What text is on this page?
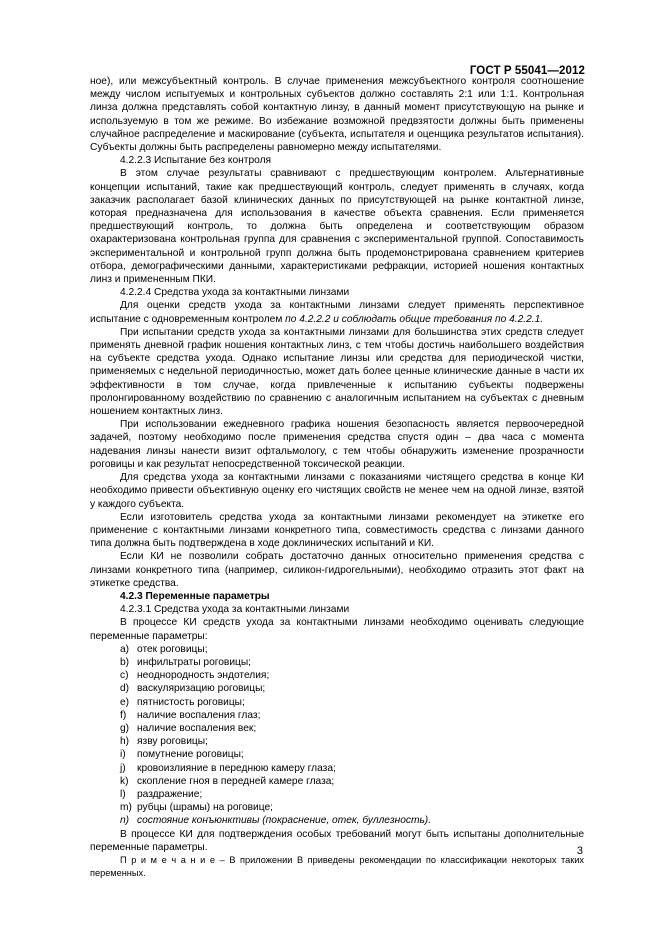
ГОСТ Р 55041—2012

ное), или межсубъектный контроль. В случае применения межсубъектного контроля соотношение между числом испытуемых и контрольных субъектов должно составлять 2:1 или 1:1. Контрольная линза должна представлять собой контактную линзу, в данный момент присутствующую на рынке и используемую в том же режиме. Во избежание возможной предвзятости должны быть применены случайное распределение и маскирование (субъекта, испытателя и оценщика результатов испытания). Субъекты должны быть распределены равномерно между испытателями.

4.2.2.3 Испытание без контроля

В этом случае результаты сравнивают с предшествующим контролем. Альтернативные концепции испытаний, такие как предшествующий контроль, следует применять в случаях, когда заказчик располагает базой клинических данных по присутствующей на рынке контактной линзе, которая предназначена для использования в качестве объекта сравнения. Если применяется предшествующий контроль, то должна быть определена и соответствующим образом охарактеризована контрольная группа для сравнения с экспериментальной группой. Сопоставимость экспериментальной и контрольной групп должна быть продемонстрирована сравнением критериев отбора, демографическими данными, характеристиками рефракции, историей ношения контактных линз и примененным ПКИ.

4.2.2.4 Средства ухода за контактными линзами

Для оценки средств ухода за контактными линзами следует применять перспективное испытание с одновременным контролем по 4.2.2.2 и соблюдать общие требования по 4.2.2.1.

При испытании средств ухода за контактными линзами для большинства этих средств следует применять дневной график ношения контактных линз, с тем чтобы достичь наибольшего воздействия на субъекте средства ухода. Однако испытание линзы или средства для периодической чистки, применяемых с недельной периодичностью, может дать более ценные клинические данные в части их эффективности в том случае, когда привлеченные к испытанию субъекты подвержены пролонгированному воздействию по сравнению с аналогичным испытанием на субъектах с дневным ношением контактных линз.

При использовании ежедневного графика ношения безопасность является первоочередной задачей, поэтому необходимо после применения средства спустя один – два часа с момента надевания линзы нанести визит офтальмологу, с тем чтобы обнаружить изменение прозрачности роговицы и как результат непосредственной токсической реакции.

Для средства ухода за контактными линзами с показаниями чистящего средства в конце КИ необходимо привести объективную оценку его чистящих свойств не менее чем на одной линзе, взятой у каждого субъекта.

Если изготовитель средства ухода за контактными линзами рекомендует на этикетке его применение с контактными линзами конкретного типа, совместимость средства с линзами данного типа должна быть подтверждена в ходе доклинических испытаний и КИ.

Если КИ не позволили собрать достаточно данных относительно применения средства с линзами конкретного типа (например, силикон-гидрогельными), необходимо отразить этот факт на этикетке средства.

4.2.3 Переменные параметры

4.2.3.1 Средства ухода за контактными линзами

В процессе КИ средств ухода за контактными линзами необходимо оценивать следующие переменные параметры:

a) отек роговицы;

b) инфильтраты роговицы;

c) неоднородность эндотелия;

d) васкуляризацию роговицы;

e) пятнистость роговицы;

f)	наличие воспаления глаз;

g) наличие воспаления век;

h) язву роговицы;

i)	помутнение роговицы;

j)	кровоизлияние в переднюю камеру глаза;

k) скопление гноя в передней камере глаза;

l)	раздражение;

m) рубцы (шрамы) на роговице;

n) состояние конъюнктивы (покраснение, отек, буллезность).

В процессе КИ для подтверждения особых требований могут быть испытаны дополнительные переменные параметры.

П р и м е ч а н и е – В приложении В приведены рекомендации по классификации некоторых таких переменных.

3
